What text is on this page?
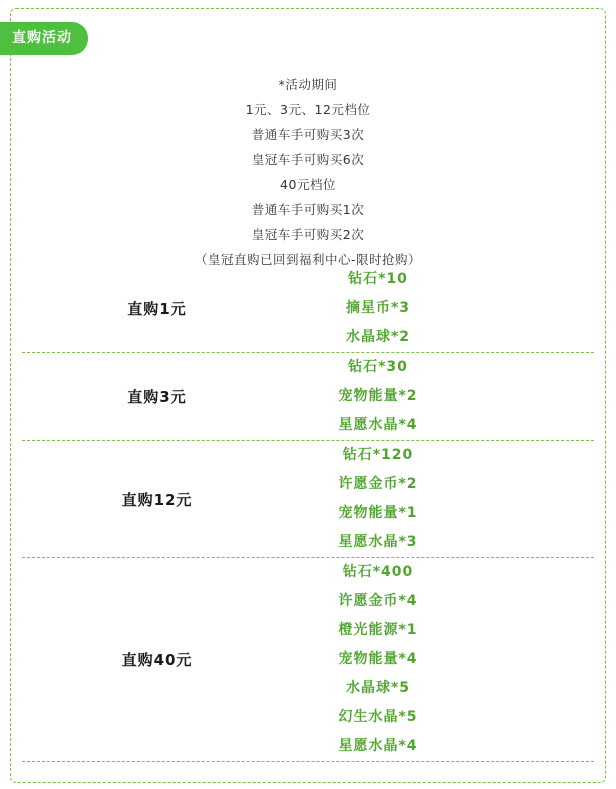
直购活动
*活动期间
1元、3元、12元档位
普通车手可购买3次
皇冠车手可购买6次
40元档位
普通车手可购买1次
皇冠车手可购买2次
（皇冠直购已回到福利中心-限时抢购）
直购1元
钻石*10
摘星币*3
水晶球*2
直购3元
钻石*30
宠物能量*2
星愿水晶*4
直购12元
钻石*120
许愿金币*2
宠物能量*1
星愿水晶*3
直购40元
钻石*400
许愿金币*4
橙光能源*1
宠物能量*4
水晶球*5
幻生水晶*5
星愿水晶*4
